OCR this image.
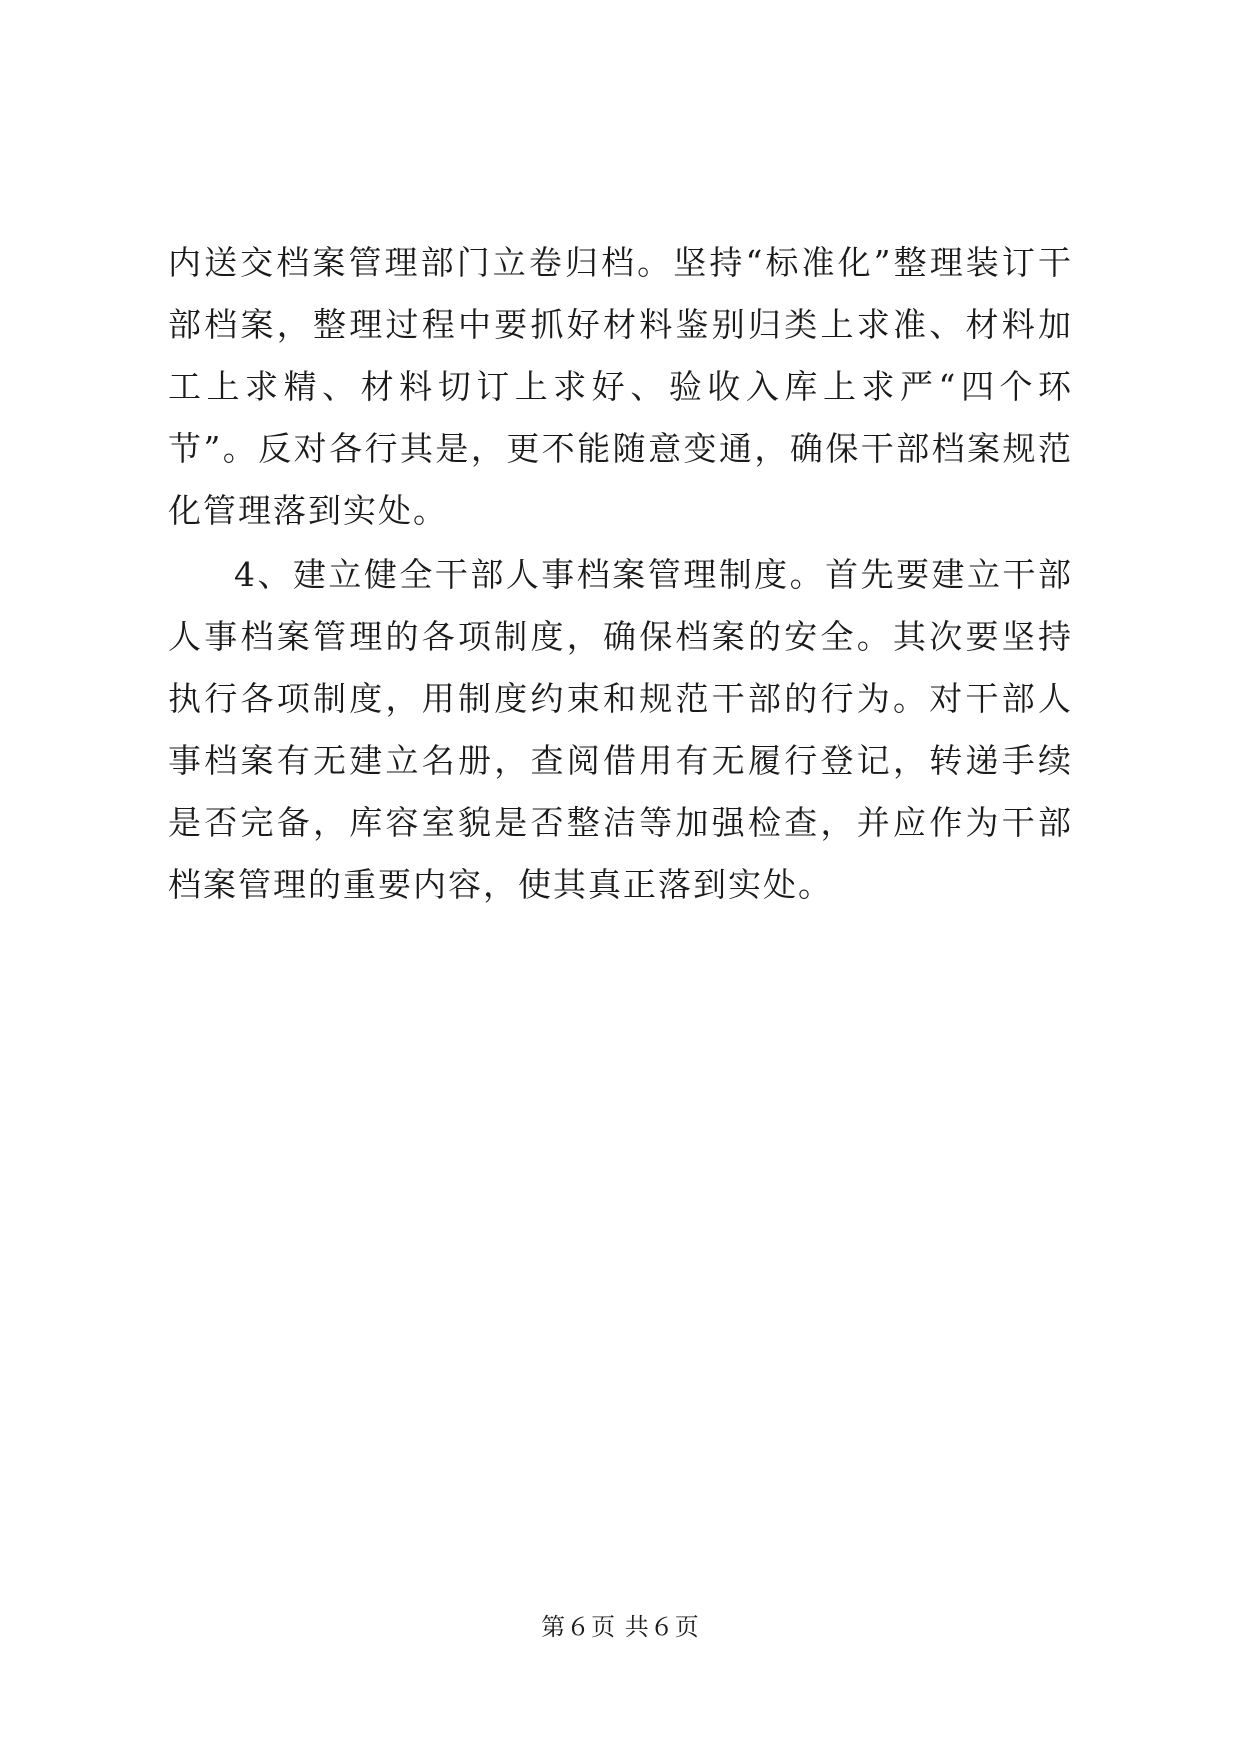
内送交档案管理部门立卷归档。坚持“标准化”整理装订干部档案，整理过程中要抓好材料鉴别归类上求准、材料加工上求精、材料切订上求好、验收入库上求严“四个环节”。反对各行其是，更不能随意变通，确保干部档案规范化管理落到实处。

4、建立健全干部人事档案管理制度。首先要建立干部人事档案管理的各项制度，确保档案的安全。其次要坚持执行各项制度，用制度约束和规范干部的行为。对干部人事档案有无建立名册，查阅借用有无履行登记，转递手续是否完备，库容室貌是否整洁等加强检查，并应作为干部档案管理的重要内容，使其真正落到实处。

第６页 共６页
